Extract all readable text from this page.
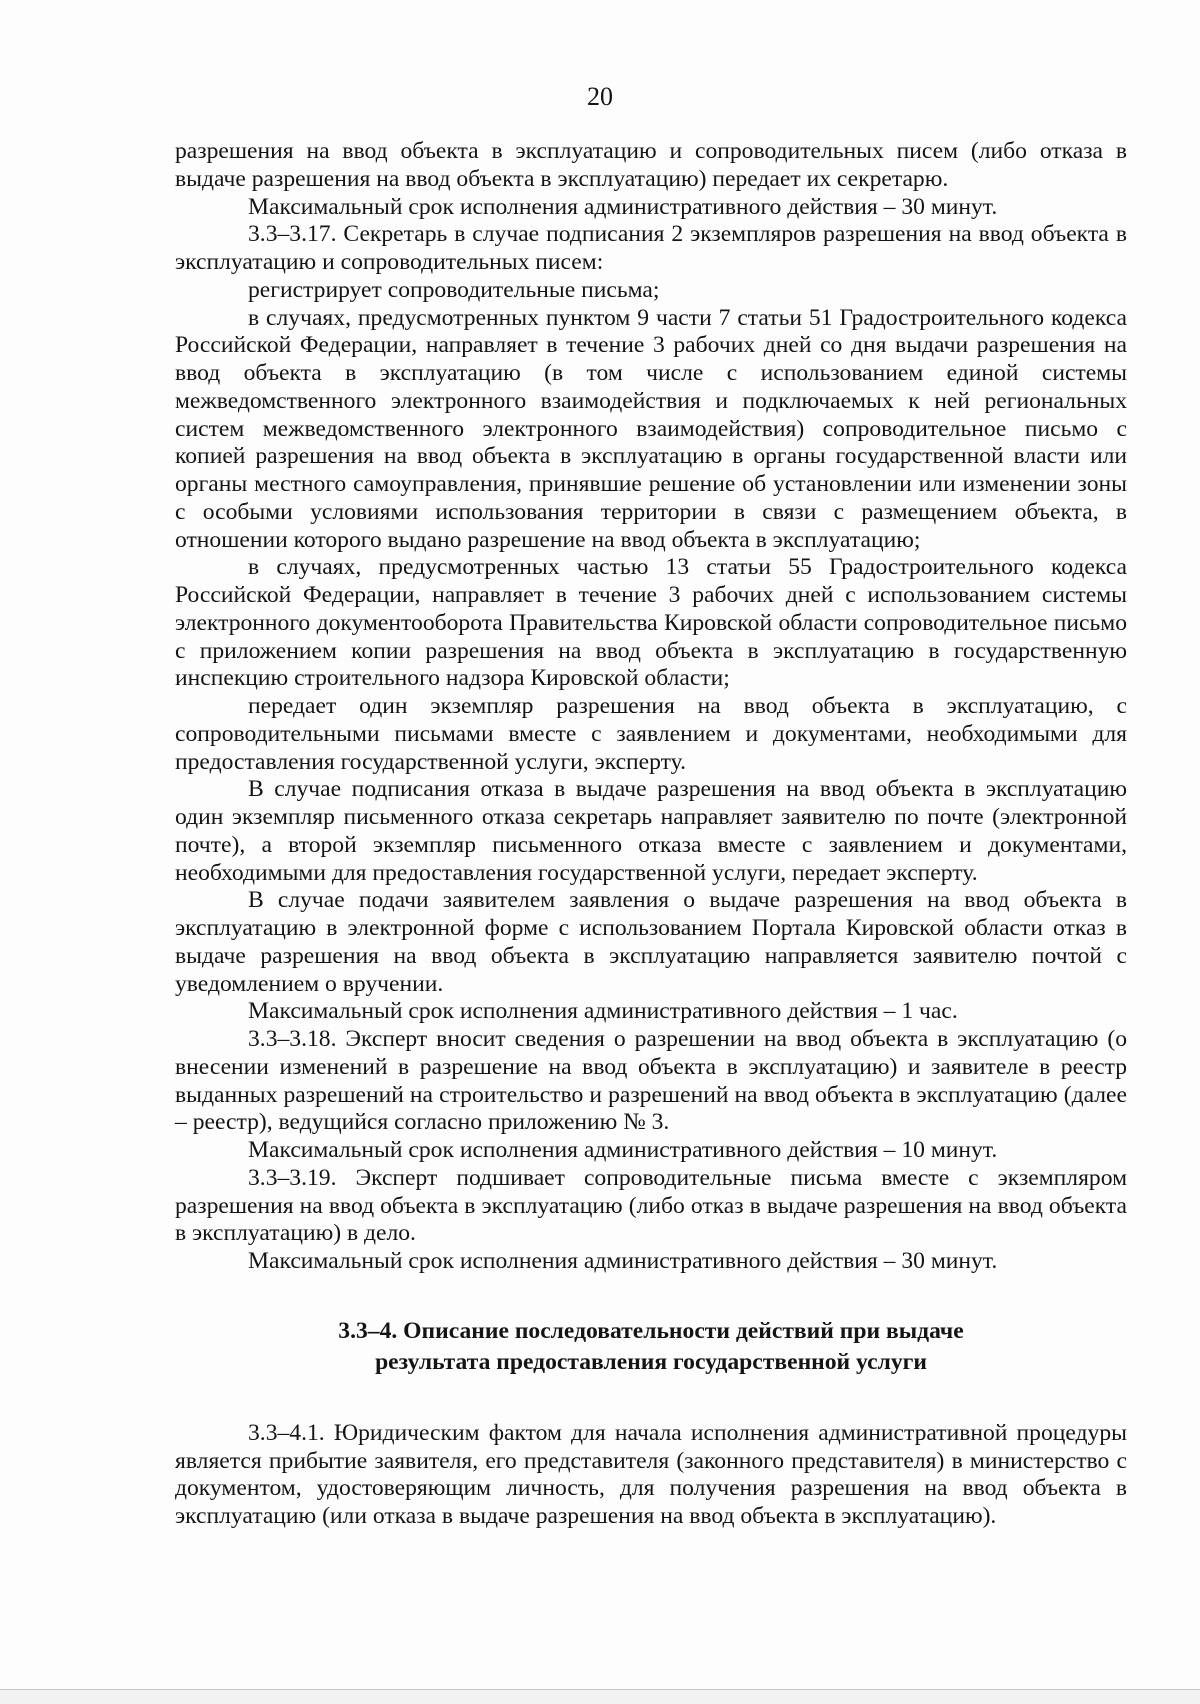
20

разрешения на ввод объекта в эксплуатацию и сопроводительных писем (либо отказа в выдаче разрешения на ввод объекта в эксплуатацию) передает их секретарю.

Максимальный срок исполнения административного действия – 30 минут.

3.3–3.17. Секретарь в случае подписания 2 экземпляров разрешения на ввод объекта в эксплуатацию и сопроводительных писем:

регистрирует сопроводительные письма;

в случаях, предусмотренных пунктом 9 части 7 статьи 51 Градостроительного кодекса Российской Федерации, направляет в течение 3 рабочих дней со дня выдачи разрешения на ввод объекта в эксплуатацию (в том числе с использованием единой системы межведомственного электронного взаимодействия и подключаемых к ней региональных систем межведомственного электронного взаимодействия) сопроводительное письмо с копией разрешения на ввод объекта в эксплуатацию в органы государственной власти или органы местного самоуправления, принявшие решение об установлении или изменении зоны с особыми условиями использования территории в связи с размещением объекта, в отношении которого выдано разрешение на ввод объекта в эксплуатацию;

в случаях, предусмотренных частью 13 статьи 55 Градостроительного кодекса Российской Федерации, направляет в течение 3 рабочих дней с использованием системы электронного документооборота Правительства Кировской области сопроводительное письмо с приложением копии разрешения на ввод объекта в эксплуатацию в государственную инспекцию строительного надзора Кировской области;

передает один экземпляр разрешения на ввод объекта в эксплуатацию, с сопроводительными письмами вместе с заявлением и документами, необходимыми для предоставления государственной услуги, эксперту.

В случае подписания отказа в выдаче разрешения на ввод объекта в эксплуатацию один экземпляр письменного отказа секретарь направляет заявителю по почте (электронной почте), а второй экземпляр письменного отказа вместе с заявлением и документами, необходимыми для предоставления государственной услуги, передает эксперту.

В случае подачи заявителем заявления о выдаче разрешения на ввод объекта в эксплуатацию в электронной форме с использованием Портала Кировской области отказ в выдаче разрешения на ввод объекта в эксплуатацию направляется заявителю почтой с уведомлением о вручении.

Максимальный срок исполнения административного действия – 1 час.

3.3–3.18. Эксперт вносит сведения о разрешении на ввод объекта в эксплуатацию (о внесении изменений в разрешение на ввод объекта в эксплуатацию) и заявителе в реестр выданных разрешений на строительство и разрешений на ввод объекта в эксплуатацию (далее – реестр), ведущийся согласно приложению № 3.

Максимальный срок исполнения административного действия – 10 минут.

3.3–3.19. Эксперт подшивает сопроводительные письма вместе с экземпляром разрешения на ввод объекта в эксплуатацию (либо отказ в выдаче разрешения на ввод объекта в эксплуатацию) в дело.

Максимальный срок исполнения административного действия – 30 минут.

3.3–4. Описание последовательности действий при выдаче
результата предоставления государственной услуги

3.3–4.1. Юридическим фактом для начала исполнения административной процедуры является прибытие заявителя, его представителя (законного представителя) в министерство с документом, удостоверяющим личность, для получения разрешения на ввод объекта в эксплуатацию (или отказа в выдаче разрешения на ввод объекта в эксплуатацию).
